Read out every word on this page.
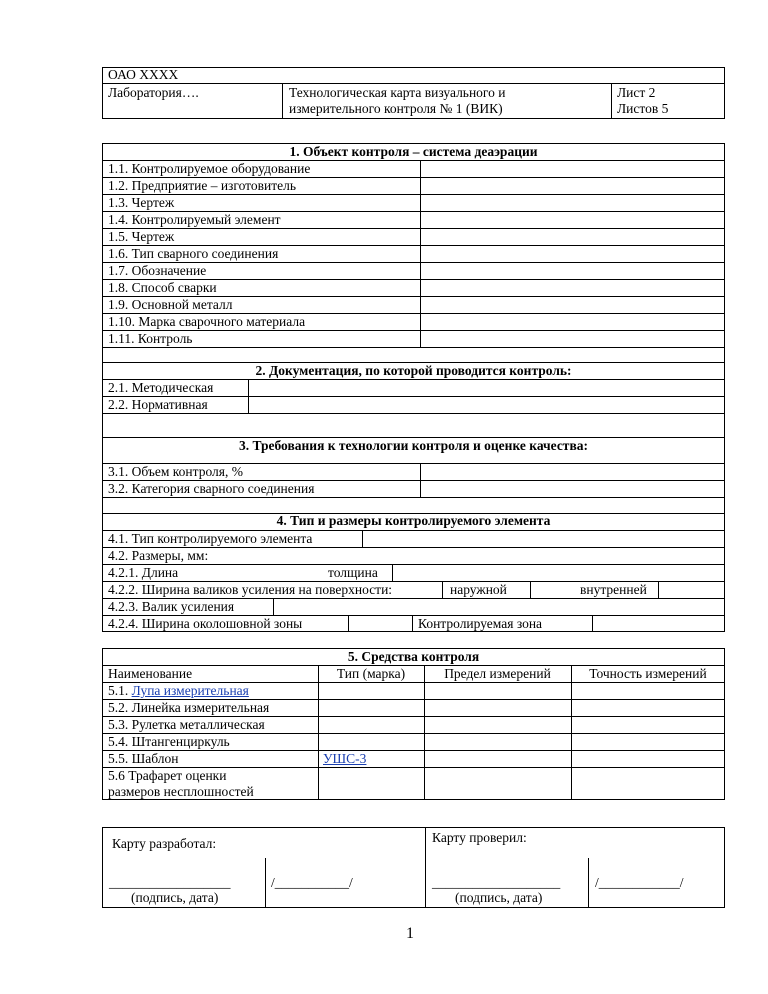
ОАО XXXX
Лаборатория….	Технологическая карта визуального и
измерительного контроля № 1 (ВИК)
Лист 2
Листов 5
1. Объект контроля – система деаэрации
1.1. Контролируемое оборудование
1.2. Предприятие – изготовитель
1.3. Чертеж
1.4. Контролируемый элемент
1.5. Чертеж
1.6. Тип сварного соединения
1.7. Обозначение
1.8. Способ сварки
1.9. Основной металл
1.10. Марка сварочного материала
1.11. Контроль
2. Документация, по которой проводится контроль:
2.1. Методическая
2.2. Нормативная
3. Требования к технологии контроля и оценке качества:
3.1. Объем контроля, %
3.2. Категория сварного соединения
4. Тип и размеры контролируемого элемента
4.1. Тип контролируемого элемента
4.2. Размеры, мм:
4.2.1. Длина	толщина
4.2.2. Ширина валиков усиления на поверхности:	наружной	внутренней
4.2.3. Валик усиления
4.2.4. Ширина околошовной зоны	Контролируемая зона
5. Средства контроля
Наименование	Тип (марка)	Предел измерений	Точность измерений
5.1. Лупа измерительная
5.2. Линейка измерительная
5.3. Рулетка металлическая
5.4. Штангенциркуль
5.5. Шаблон	УШС-3
5.6 Трафарет оценки
размеров несплошностей
Карту разработал:	Карту проверил:
__________________	/___________/	___________________	/____________/
(подпись, дата)	(подпись, дата)
1
